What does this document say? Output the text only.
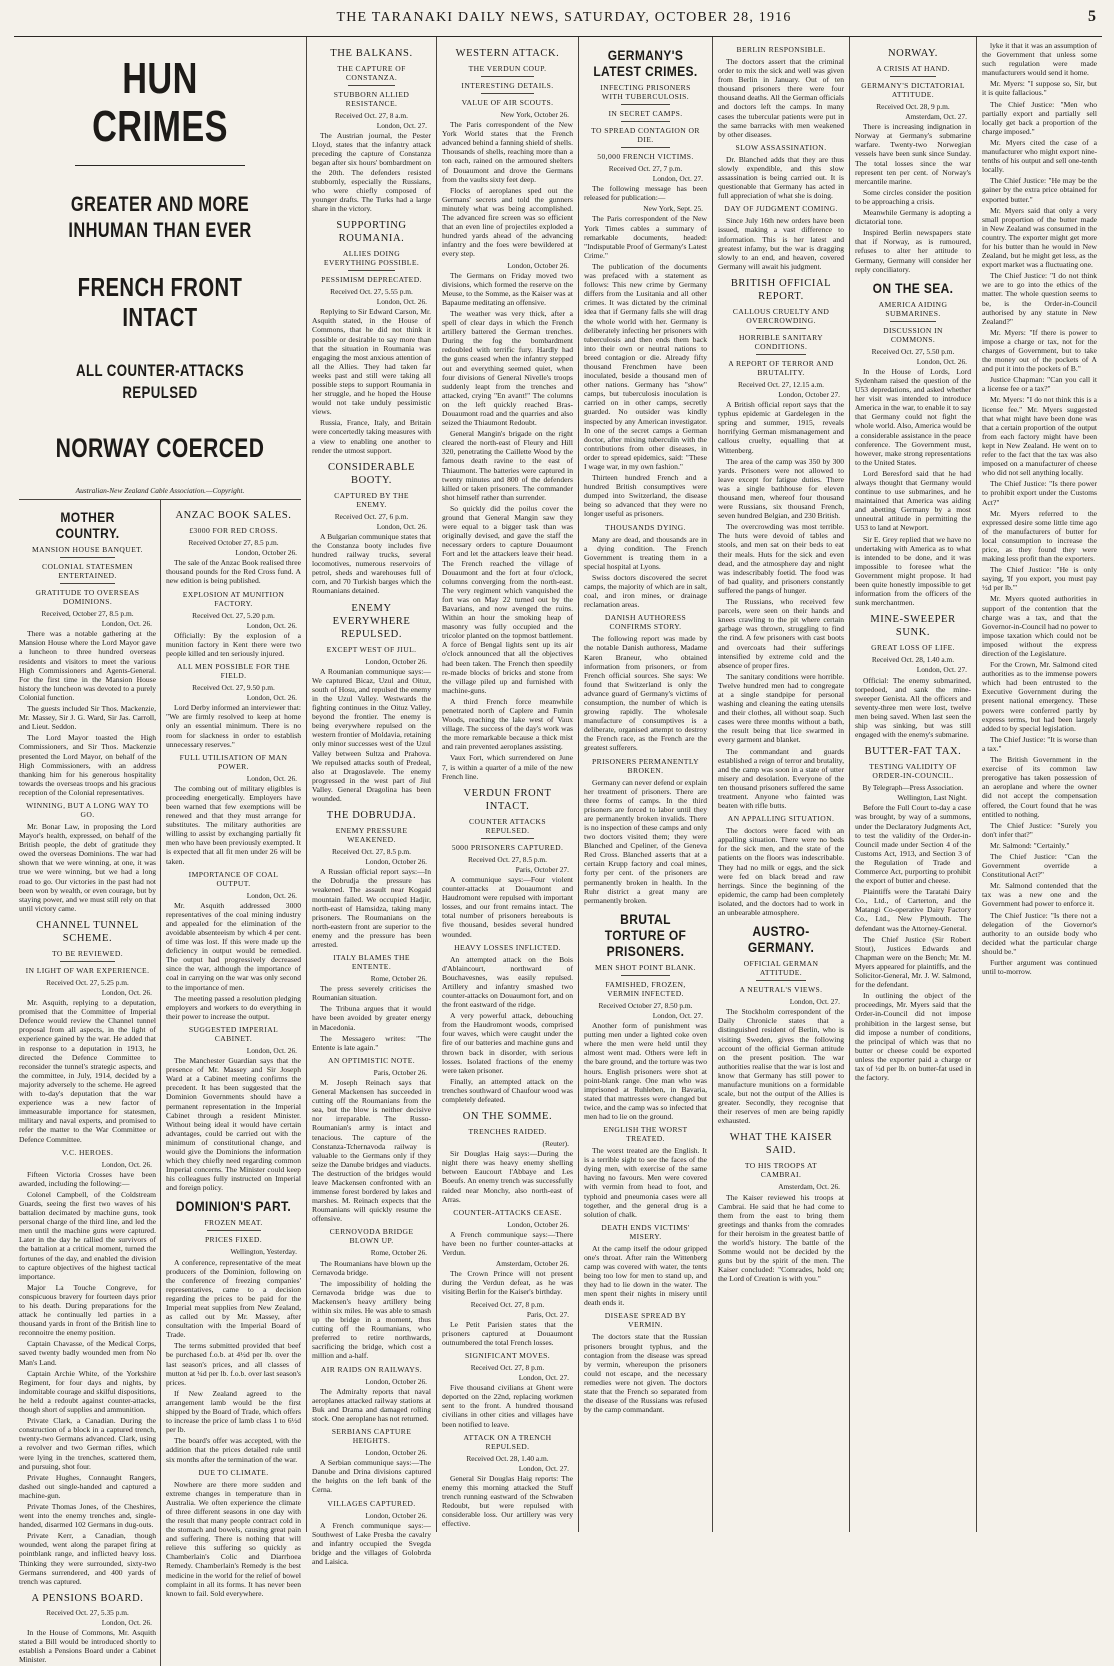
THE TARANAKI DAILY NEWS, SATURDAY, OCTOBER 28, 1916	5
HUN CRIMES
GREATER AND MORE INHUMAN THAN EVER
FRENCH FRONT INTACT
ALL COUNTER-ATTACKS REPULSED
NORWAY COERCED
Australian-New Zealand Cable Association.—Copyright.
MOTHER COUNTRY.
MANSION HOUSE BANQUET.
COLONIAL STATESMEN ENTERTAINED.
GRATITUDE TO OVERSEAS DOMINIONS.
Received, October 27, 8.5 p.m.
London, Oct. 26.

There was a notable gathering at the Mansion House where the Lord Mayor gave a luncheon to three hundred overseas residents and visitors to meet the various High Commissioners and Agents-General. For the first time in the Mansion House history the luncheon was devoted to a purely Colonial function.

The guests included Sir Thos. Mackenzie, Mr. Massey, Sir J. G. Ward, Sir Jas. Carroll, and Lieut. Seddon.

The Lord Mayor toasted the High Commissioners, and Sir Thos. Mackenzie presented the Lord Mayor, on behalf of the High Commissioners, with an address thanking him for his generous hospitality towards the overseas troops and his gracious reception of the Colonial representatives.

WINNING, BUT A LONG WAY TO GO.

Mr. Bonar Law, in proposing the Lord Mayor's health, expressed, on behalf of the British people, the debt of gratitude they owed the overseas Dominions. The war had shown that we were winning, at one, it was true we were winning, but we had a long road to go. Our victories in the past had not been won by wealth, or even courage, but by staying power, and we must still rely on that until victory came.

CHANNEL TUNNEL SCHEME.
TO BE REVIEWED.
IN LIGHT OF WAR EXPERIENCE.
Received Oct. 27, 5.25 p.m.
London, Oct. 26.

Mr. Asquith, replying to a deputation, promised that the Committee of Imperial Defence would review the Channel tunnel proposal from all aspects, in the light of experience gained by the war. He added that in response to a deputation in 1913, he directed the Defence Committee to reconsider the tunnel's strategic aspects, and the committee, in July, 1914, decided by a majority adversely to the scheme. He agreed with to-day's deputation that the war experience was a new factor of immeasurable importance for statesmen, military and naval experts, and promised to refer the matter to the War Committee or Defence Committee.

V.C. HEROES.
London, Oct. 26.

Fifteen Victoria Crosses have been awarded, including the following:—

Colonel Campbell, of the Coldstream Guards, seeing the first two waves of his battalion decimated by machine guns, took personal charge of the third line, and led the men until the machine guns were captured. Later in the day he rallied the survivors of the battalion at a critical moment, turned the fortunes of the day, and enabled the division to capture objectives of the highest tactical importance.

Major La Touche Congreve, for conspicuous bravery for fourteen days prior to his death. During preparations for the attack he continually led parties in a thousand yards in front of the British line to reconnoitre the enemy position.

Captain Chavasse, of the Medical Corps, saved twenty badly wounded men from No Man's Land.

Captain Archie White, of the Yorkshire Regiment, for four days and nights, by indomitable courage and skilful dispositions, he held a redoubt against counter-attacks, though short of supplies and ammunition.

Private Clark, a Canadian. During the construction of a block in a captured trench, twenty-two Germans advanced. Clark, using a revolver and two German rifles, which were lying in the trenches, scattered them, and pursuing, shot four.

Private Hughes, Connaught Rangers, dashed out single-handed and captured a machine-gun.

Private Thomas Jones, of the Cheshires, went into the enemy trenches and, single-handed, disarmed 102 Germans in dug-outs.

Private Kerr, a Canadian, though wounded, went along the parapet firing at pointblank range, and inflicted heavy loss. Thinking they were surrounded, sixty-two Germans surrendered, and 400 yards of trench was captured.

A PENSIONS BOARD.
Received Oct. 27, 5.35 p.m.
London, Oct. 26.

In the House of Commons, Mr. Asquith stated a Bill would be introduced shortly to establish a Pensions Board under a Cabinet Minister.

ANZAC BOOK SALES.
£3000 FOR RED CROSS.
Received October 27, 8.5 p.m.
London, October 26.

The sale of the Anzac Book realised three thousand pounds for the Red Cross fund. A new edition is being published.

EXPLOSION AT MUNITION FACTORY.
Received Oct. 27, 5.20 p.m.
London, Oct. 26.

Officially: By the explosion of a munition factory in Kent there were two people killed and ten seriously injured.

ALL MEN POSSIBLE FOR THE FIELD.
Received Oct. 27, 9.50 p.m.
London, Oct. 26.

Lord Derby informed an interviewer that: "We are firmly resolved to keep at home only an essential minimum. There is no room for slackness in order to establish unnecessary reserves."

FULL UTILISATION OF MAN POWER.
London, Oct. 26.

The combing out of military eligibles is proceeding energetically. Employers have been warned that few exemptions will be renewed and that they must arrange for substitutes. The military authorities are willing to assist by exchanging partially fit men who have been previously exempted. It is expected that all fit men under 26 will be taken.

IMPORTANCE OF COAL OUTPUT.
London, Oct. 26.

Mr. Asquith addressed 3000 representatives of the coal mining industry and appealed for the elimination of the avoidable absenteeism by which 4 per cent. of time was lost. If this were made up the deficiency in output would be remedied. The output had progressively decreased since the war, although the importance of coal in carrying on the war was only second to the importance of men.

The meeting passed a resolution pledging employers and workers to do everything in their power to increase the output.

SUGGESTED IMPERIAL CABINET.
London, Oct. 26.

The Manchester Guardian says that the presence of Mr. Massey and Sir Joseph Ward at a Cabinet meeting confirms the precedent. It has been suggested that the Dominion Governments should have a permanent representation in the Imperial Cabinet through a resident Minister. Without being ideal it would have certain advantages, could be carried out with the minimum of constitutional change, and would give the Dominions the information which they chiefly need regarding common Imperial concerns. The Minister could keep his colleagues fully instructed on Imperial and foreign policy.

DOMINION'S PART.
FROZEN MEAT.
PRICES FIXED.
Wellington, Yesterday.

A conference, representative of the meat producers of the Dominion, following on the conference of freezing companies' representatives, came to a decision regarding the prices to be paid for the Imperial meat supplies from New Zealand, as called out by Mr. Massey, after consultation with the Imperial Board of Trade.

The terms submitted provided that beef be purchased f.o.b. at 4½d per lb. over the last season's prices, and all classes of mutton at ¼d per lb. f.o.b. over last season's prices.

If New Zealand agreed to the arrangement lamb would be the first shipped by the Board of Trade, which offers to increase the price of lamb class 1 to 6½d per lb.

The board's offer was accepted, with the addition that the prices detailed rule until six months after the termination of the war.

DUE TO CLIMATE.

Nowhere are there more sudden and extreme changes in temperature than in Australia. We often experience the climate of three different seasons in one day with the result that many people contract cold in the stomach and bowels, causing great pain and suffering. There is nothing that will relieve this suffering so quickly as Chamberlain's Colic and Diarrhoea Remedy. Chamberlain's Remedy is the best medicine in the world for the relief of bowel complaint in all its forms. It has never been known to fail. Sold everywhere.

THE BALKANS.
THE CAPTURE OF CONSTANZA.
STUBBORN ALLIED RESISTANCE.
Received Oct. 27, 8 a.m.
London, Oct. 27.

The Austrian journal, the Pester Lloyd, states that the infantry attack preceding the capture of Constanza began after six hours' bombardment on the 20th. The defenders resisted stubbornly, especially the Russians, who were chiefly composed of younger drafts. The Turks had a large share in the victory.

SUPPORTING ROUMANIA.
ALLIES DOING EVERYTHING POSSIBLE.
PESSIMISM DEPRECATED.
Received Oct. 27, 5.55 p.m.
London, Oct. 26.

Replying to Sir Edward Carson, Mr. Asquith stated, in the House of Commons, that he did not think it possible or desirable to say more than that the situation in Roumania was engaging the most anxious attention of all the Allies. They had taken far weeks past and still were taking all possible steps to support Roumania in her struggle, and he hoped the House would not take unduly pessimistic views.

Russia, France, Italy, and Britain were concertedly taking measures with a view to enabling one another to render the utmost support.

CONSIDERABLE BOOTY.
CAPTURED BY THE ENEMY.
Received Oct. 27, 6 p.m.
London, Oct. 26.

A Bulgarian communique states that the Constanza booty includes five hundred railway trucks, several locomotives, numerous reservoirs of petrol, sheds and warehouses full of corn, and 70 Turkish barges which the Roumanians detained.

ENEMY EVERYWHERE REPULSED.
EXCEPT WEST OF JIUL.
London, October 26.

A Roumanian communique says:—We captured Bicaz, Uzul and Oituz, south of Hosu, and repulsed the enemy in the Uzul Valley. Westwards the fighting continues in the Oituz Valley, beyond the frontier. The enemy is being everywhere repulsed on the western frontier of Moldavia, retaining only minor successes west of the Uzul Valley between Sultza and Prahova. We repulsed attacks south of Predeal, also at Dragoslavele. The enemy progressed in the west part of Jiul Valley. General Dragolina has been wounded.

THE DOBRUDJA.
ENEMY PRESSURE WEAKENED.
Received Oct. 27, 8.5 p.m.
London, October 26.

A Russian official report says:—In the Dobrudja the pressure has weakened. The assault near Kogaid mountain failed. We occupied Hadjir, north-east of Hamsidza, taking many prisoners. The Roumanians on the north-eastern front are superior to the enemy and the pressure has been arrested.

ITALY BLAMES THE ENTENTE.
Rome, October 26.

The press severely criticises the Roumanian situation.

The Tribuna argues that it would have been avoided by greater energy in Macedonia.

The Messagero writes: "The Entente is late again."

AN OPTIMISTIC NOTE.
Paris, October 26.

M. Joseph Reinach says that General Mackensen has succeeded in cutting off the Roumanians from the sea, but the blow is neither decisive nor irreparable. The Russo-Roumanian's army is intact and tenacious. The capture of the Constanza-Tchernavoda railway is valuable to the Germans only if they seize the Danube bridges and viaducts. The destruction of the bridges would leave Mackensen confronted with an immense forest bordered by lakes and marshes. M. Reinach expects that the Roumanians will quickly resume the offensive.

CERNOVODA BRIDGE BLOWN UP.
Rome, October 26.

The Roumanians have blown up the Cernavoda bridge.

The impossibility of holding the Cernavoda bridge was due to Mackensen's heavy artillery being within six miles. He was able to smash up the bridge in a moment, thus cutting off the Roumanians, who preferred to retire northwards, sacrificing the bridge, which cost a million and a-half.

AIR RAIDS ON RAILWAYS.
London, October 26.

The Admiralty reports that naval aeroplanes attacked railway stations at Buk and Drama and damaged rolling stock. One aeroplane has not returned.

SERBIANS CAPTURE HEIGHTS.
London, October 26.

A Serbian communique says:—The Danube and Drina divisions captured the heights on the left bank of the Cerna.

VILLAGES CAPTURED.
London, October 26.

A French communique says:—Southwest of Lake Presba the cavalry and infantry occupied the Svegda bridge and the villages of Golobrda and Laisica.

WESTERN ATTACK.
THE VERDUN COUP.
INTERESTING DETAILS.
VALUE OF AIR SCOUTS.
New York, October 26.

The Paris correspondent of the New York World states that the French advanced behind a fanning shield of shells. Thousands of shells, reaching more than a ton each, rained on the armoured shelters of Douaumont and drove the Germans from the vaults sixty feet deep.

Flocks of aeroplanes sped out the Germans' secrets and told the gunners minutely what was being accomplished. The advanced fire screen was so efficient that an even line of projectiles exploded a hundred yards ahead of the advancing infantry and the foes were bewildered at every step.

London, October 26.

The Germans on Friday moved two divisions, which formed the reserve on the Meuse, to the Somme, as the Kaiser was at Bapaume meditating an offensive.

The weather was very thick, after a spell of clear days in which the French artillery battered the German trenches. During the fog the bombardment redoubled with terrific fury. Hardly had the guns ceased when the infantry stepped out and everything seemed quiet, when four divisions of General Nivelle's troops suddenly leapt from the trenches and attacked, crying "En avant!" The columns on the left quickly reached Bras-Douaumont road and the quarries and also seized the Thiaumont Redoubt.

General Mangin's brigade on the right cleared the north-east of Fleury and Hill 320, penetrating the Caillette Wood by the famous death ravine to the east of Thiaumont. The batteries were captured in twenty minutes and 800 of the defenders killed or taken prisoners. The commander shot himself rather than surrender.

So quickly did the poilus cover the ground that General Mangin saw they were equal to a bigger task than was originally devised, and gave the staff the necessary orders to capture Douaumont Fort and let the attackers leave their head. The French reached the village of Douaumont and the fort at four o'clock, columns converging from the north-east. The very regiment which vanquished the fort was on May 22 turned out by the Bavarians, and now avenged the ruins. Within an hour the smoking heap of masonry was fully occupied and the tricolor planted on the topmost battlement. A force of Bengal lights sent up its air o'clock announced that all the objectives had been taken. The French then speedily re-made blocks of bricks and stone from the village piled up and furnished with machine-guns.

A third French force meanwhile penetrated north of Caplere and Fumin Woods, reaching the lake west of Vaux village. The success of the day's work was the more remarkable because a thick mist and rain prevented aeroplanes assisting.

Vaux Fort, which surrendered on June 7, is within a quarter of a mile of the new French line.

VERDUN FRONT INTACT.
COUNTER ATTACKS REPULSED.
5000 PRISONERS CAPTURED.
Received Oct. 27, 8.5 p.m.
Paris, October 27.

A communique says:—Four violent counter-attacks at Douaumont and Haudromont were repulsed with important losses, and our front remains intact. The total number of prisoners hereabouts is five thousand, besides several hundred wounded.

HEAVY LOSSES INFLICTED.

An attempted attack on the Bois d'Ablaincourt, northward of Bouchavesnes, was easily repulsed. Artillery and infantry smashed two counter-attacks on Douaumont fort, and on the front eastward of the ridge.

A very powerful attack, debouching from the Haudromont woods, comprised four waves, which were caught under the fire of our batteries and machine guns and thrown back in disorder, with serious losses. Isolated fractions of the enemy were taken prisoner.

Finally, an attempted attack on the trenches southward of Chaufour wood was completely defeated.

ON THE SOMME.
TRENCHES RAIDED.
(Reuter).

Sir Douglas Haig says:—During the night there was heavy enemy shelling between Eaucourt l'Abbaye and Les Boeufs. An enemy trench was successfully raided near Monchy, also north-east of Arras.

COUNTER-ATTACKS CEASE.
London, October 26.

A French communique says:—There have been no further counter-attacks at Verdun.

Amsterdam, October 26.

The Crown Prince will not present during the Verdun defeat, as he was visiting Berlin for the Kaiser's birthday.

Received Oct. 27, 8 p.m.
Paris, Oct. 27.

Le Petit Parisien states that the prisoners captured at Douaumont outnumbered the total French losses.

SIGNIFICANT MOVES.
Received Oct. 27, 8 p.m.
London, Oct. 27.

Five thousand civilians at Ghent were deported on the 22nd, replacing workmen sent to the front. A hundred thousand civilians in other cities and villages have been notified to leave.

ATTACK ON A TRENCH REPULSED.
Received Oct. 28, 1.40 a.m.
London, Oct. 27.

General Sir Douglas Haig reports: The enemy this morning attacked the Stuff trench running eastward of the Schwaben Redoubt, but were repulsed with considerable loss. Our artillery was very effective.

GERMANY'S LATEST CRIMES.
INFECTING PRISONERS WITH TUBERCULOSIS.
IN SECRET CAMPS.
TO SPREAD CONTAGION OR DIE.
50,000 FRENCH VICTIMS.
Received Oct. 27, 7 p.m.
London, Oct. 27.

The following message has been released for publication:—

New York, Sept. 25.

The Paris correspondent of the New York Times cables a summary of remarkable documents, headed: "Indisputable Proof of Germany's Latest Crime."

The publication of the documents was prefaced with a statement as follows: This new crime by Germany differs from the Lusitania and all other crimes. It was dictated by the criminal idea that if Germany falls she will drag the whole world with her. Germany is deliberately infecting her prisoners with tuberculosis and then ends them back into their own or neutral nations to breed contagion or die. Already fifty thousand Frenchmen have been inoculated, beside a thousand men of other nations. Germany has "show" camps, but tuberculosis inoculation is carried on in other camps, secretly guarded. No outsider was kindly inspected by any American investigator. In one of the secret camps a German doctor, after mixing tuberculin with the contributions from other diseases, in order to spread epidemics, said: "These I wage war, in my own fashion."

Thirteen hundred French and a hundred British consumptives were dumped into Switzerland, the disease being so advanced that they were no longer useful as prisoners.

THOUSANDS DYING.

Many are dead, and thousands are in a dying condition. The French Government is treating them in a special hospital at Lyons.

Swiss doctors discovered the secret camps, the majority of which are in salt, coal, and iron mines, or drainage reclamation areas.

DANISH AUTHORESS CONFIRMS STORY.

The following report was made by the notable Danish authoress, Madame Karen Braneur, who obtained information from prisoners, or from French official sources. She says: We found that Switzerland is only the advance guard of Germany's victims of consumption, the number of which is growing rapidly. The wholesale manufacture of consumptives is a deliberate, organised attempt to destroy the French race, as the French are the greatest sufferers.

PRISONERS PERMANENTLY BROKEN.

Germany can never defend or explain her treatment of prisoners. There are three forms of camps. In the third prisoners are forced to labor until they are permanently broken invalids. There is no inspection of these camps and only two doctors visited them; they were Blanched and Cpeliner, of the Geneva Red Cross. Blanched asserts that at a certain Krupp factory and coal mines, forty per cent. of the prisoners are permanently broken in health. In the Ruhr district a great many are permanently broken.

BRUTAL TORTURE OF PRISONERS.
MEN SHOT POINT BLANK.
FAMISHED, FROZEN, VERMIN INFECTED.
Received October 27, 8.50 p.m.
London, Oct. 27.

Another form of punishment was putting men under a lighted coke oven where the men were held until they almost went mad. Others were left in the bare ground, and the torture was two hours. English prisoners were shot at point-blank range. One man who was imprisoned at Ruhleben, in Bavaria, stated that mattresses were changed but twice, and the camp was so infected that men had to lie on the ground.

ENGLISH THE WORST TREATED.

The worst treated are the English. It is a terrible sight to see the faces of the dying men, with exercise of the same having no favours. Men were covered with vermin from head to foot, and typhoid and pneumonia cases were all together, and the general drug is a solution of chalk.

DEATH ENDS VICTIMS' MISERY.

At the camp itself the odour gripped one's throat. After rain the Wittenberg camp was covered with water, the tents being too low for men to stand up, and they had to lie down in the water. The men spent their nights in misery until death ends it.

DISEASE SPREAD BY VERMIN.

The doctors state that the Russian prisoners brought typhus, and the contagion from the disease was spread by vermin, whereupon the prisoners could not escape, and the necessary remedies were not given. The doctors state that the French so separated from the disease of the Russians was refused by the camp commandant.

BERLIN RESPONSIBLE.

The doctors assert that the criminal order to mix the sick and well was given from Berlin in January. Out of ten thousand prisoners there were four thousand deaths. All the German officials and doctors left the camps. In many cases the tubercular patients were put in the same barracks with men weakened by other diseases.

SLOW ASSASSINATION.

Dr. Blanched adds that they are thus slowly expendible, and this slow assassination is being carried out. It is questionable that Germany has acted in full appreciation of what she is doing.

DAY OF JUDGMENT COMING.

Since July 16th new orders have been issued, making a vast difference to information. This is her latest and greatest infamy, but the war is dragging slowly to an end, and heaven, covered Germany will await his judgment.

BRITISH OFFICIAL REPORT.
CALLOUS CRUELTY AND OVERCROWDING.
HORRIBLE SANITARY CONDITIONS.
A REPORT OF TERROR AND BRUTALITY.
Received Oct. 27, 12.15 a.m.
London, October 27.

A British official report says that the typhus epidemic at Gardelegen in the spring and summer, 1915, reveals horrifying German mismanagement and callous cruelty, equalling that at Wittenberg.

The area of the camp was 350 by 300 yards. Prisoners were not allowed to leave except for fatigue duties. There was a single bathhouse for eleven thousand men, whereof four thousand were Russians, six thousand French, seven hundred Belgian, and 230 British.

The overcrowding was most terrible. The huts were devoid of tables and stools, and men sat on their beds to eat their meals. Huts for the sick and even dead, and the atmosphere day and night was indescribably foetid. The food was of bad quality, and prisoners constantly suffered the pangs of hunger.

The Russians, who received few parcels, were seen on their hands and knees crawling to the pit where certain garbage was thrown, struggling to find the rind. A few prisoners with cast boots and overcoats had their sufferings intensified by extreme cold and the absence of proper fires.

The sanitary conditions were horrible. Twelve hundred men had to congregate at a single standpipe for personal washing and cleaning the eating utensils and their clothes, all without soap. Such cases were three months without a bath, the result being that lice swarmed in every garment and blanket.

The commandant and guards established a reign of terror and brutality, and the camp was soon in a state of utter misery and desolation. Everyone of the ten thousand prisoners suffered the same treatment. Anyone who fainted was beaten with rifle butts.

AN APPALLING SITUATION.

The doctors were faced with an appalling situation. There were no beds for the sick men, and the state of the patients on the floors was indescribable. They had no milk or eggs, and the sick were fed on black bread and raw herrings. Since the beginning of the epidemic, the camp had been completely isolated, and the doctors had to work in an unbearable atmosphere.

AUSTRO-GERMANY.
OFFICIAL GERMAN ATTITUDE.
A NEUTRAL'S VIEWS.
London, Oct. 27.

The Stockholm correspondent of the Daily Chronicle states that a distinguished resident of Berlin, who is visiting Sweden, gives the following account of the official German attitude on the present position. The war authorities realise that the war is lost and know that Germany has still power to manufacture munitions on a formidable scale, but not the output of the Allies is greater. Secondly, they recognise that their reserves of men are being rapidly exhausted.

WHAT THE KAISER SAID.
TO HIS TROOPS AT CAMBRAI.
Amsterdam, Oct. 26.

The Kaiser reviewed his troops at Cambrai. He said that he had come to them from the east to bring them greetings and thanks from the comrades for their heroism in the greatest battle of the world's history. The battle of the Somme would not be decided by the guns but by the spirit of the men. The Kaiser concluded: "Comrades, hold on; the Lord of Creation is with you."

NORWAY.
A CRISIS AT HAND.
GERMANY'S DICTATORIAL ATTITUDE.
Received Oct. 28, 9 p.m.
Amsterdam, Oct. 27.

There is increasing indignation in Norway at Germany's submarine warfare. Twenty-two Norwegian vessels have been sunk since Sunday. The total losses since the war represent ten per cent. of Norway's mercantile marine.

Some circles consider the position to be approaching a crisis.

Meanwhile Germany is adopting a dictatorial tone.

Inspired Berlin newspapers state that if Norway, as is rumoured, refuses to alter her attitude to Germany, Germany will consider her reply conciliatory.

ON THE SEA.
AMERICA AIDING SUBMARINES.
DISCUSSION IN COMMONS.
Received Oct. 27, 5.50 p.m.
London, Oct. 26.

In the House of Lords, Lord Sydenham raised the question of the U53 depredations, and asked whether her visit was intended to introduce America in the war, to enable it to say that Germany could not fight the whole world. Also, America would be a considerable assistance in the peace conference. The Government must, however, make strong representations to the United States.

Lord Beresford said that he had always thought that Germany would continue to use submarines, and he maintained that America was aiding and abetting Germany by a most unneutral attitude in permitting the U53 to land at Newport.

Sir E. Grey replied that we have no undertaking with America as to what is intended to be done, and it was impossible to foresee what the Government might propose. It had been quite honestly impossible to get information from the officers of the sunk merchantmen.

MINE-SWEEPER SUNK.
GREAT LOSS OF LIFE.
Received Oct. 28, 1.40 a.m.
London, Oct. 27.

Official: The enemy submarined, torpedoed, and sank the mine-sweeper Genista. All the officers and seventy-three men were lost, twelve men being saved. When last seen the ship was sinking, but was still engaged with the enemy's submarine.

BUTTER-FAT TAX.
TESTING VALIDITY OF ORDER-IN-COUNCIL.
By Telegraph—Press Association.
Wellington, Last Night.

Before the Full Court to-day a case was brought, by way of a summons, under the Declaratory Judgments Act, to test the validity of the Order-in-Council made under Section 4 of the Customs Act, 1913, and Section 3 of the Regulation of Trade and Commerce Act, purporting to prohibit the export of butter and cheese.

Plaintiffs were the Taratahi Dairy Co., Ltd., of Carterton, and the Matangi Co-operative Dairy Factory Co., Ltd., New Plymouth. The defendant was the Attorney-General.

The Chief Justice (Sir Robert Stout), Justices Edwards and Chapman were on the Bench; Mr. M. Myers appeared for plaintiffs, and the Solicitor-General, Mr. J. W. Salmond, for the defendant.

In outlining the object of the proceedings, Mr. Myers said that the Order-in-Council did not impose prohibition in the largest sense, but did impose a number of conditions, the principal of which was that no butter or cheese could be exported unless the exporter paid a charge or tax of ½d per lb. on butter-fat used in the factory.

lyke it that it was an assumption of the Government that unless some such regulation were made manufacturers would send it home.

Mr. Myers: "I suppose so, Sir, but it is quite fallacious."

The Chief Justice: "Men who partially export and partially sell locally get back a proportion of the charge imposed."

Mr. Myers cited the case of a manufacturer who might export nine-tenths of his output and sell one-tenth locally.

The Chief Justice: "He may be the gainer by the extra price obtained for exported butter."

Mr. Myers said that only a very small proportion of the butter made in New Zealand was consumed in the country. The exporter might get more for his butter than he would in New Zealand, but he might get less, as the export market was a fluctuating one.

The Chief Justice: "I do not think we are to go into the ethics of the matter. The whole question seems to be, is the Order-in-Council authorised by any statute in New Zealand?"

Mr. Myers: "If there is power to impose a charge or tax, not for the charges of Government, but to take the money out of the pockets of A and put it into the pockets of B."

Justice Chapman: "Can you call it a license fee or a tax?"

Mr. Myers: "I do not think this is a license fee." Mr. Myers suggested that what might have been done was that a certain proportion of the output from each factory might have been kept in New Zealand. He went on to refer to the fact that the tax was also imposed on a manufacturer of cheese who did not sell anything locally.

The Chief Justice: "Is there power to prohibit export under the Customs Act?"

Mr. Myers referred to the expressed desire some little time ago of the manufacturers of butter for local consumption to increase the price, as they found they were making less profit than the exporters.

The Chief Justice: "He is only saying, 'If you export, you must pay ½d per lb.'"

Mr. Myers quoted authorities in support of the contention that the charge was a tax, and that the Governor-in-Council had no power to impose taxation which could not be imposed without the express direction of the Legislature.

For the Crown, Mr. Salmond cited authorities as to the immense powers which had been entrusted to the Executive Government during the present national emergency. These powers were conferred partly by express terms, but had been largely added to by special legislation.

The Chief Justice: "It is worse than a tax."

The British Government in the exercise of its common law prerogative has taken possession of an aeroplane and where the owner did not accept the compensation offered, the Court found that he was entitled to nothing.

The Chief Justice: "Surely you don't infer that?"

Mr. Salmond: "Certainly."

The Chief Justice: "Can the Government override a Constitutional Act?"

Mr. Salmond contended that the tax was a new one and the Government had power to enforce it.

The Chief Justice: "Is there not a delegation of the Governor's authority to an outside body who decided what the particular charge should be."

Further argument was continued until to-morrow.
